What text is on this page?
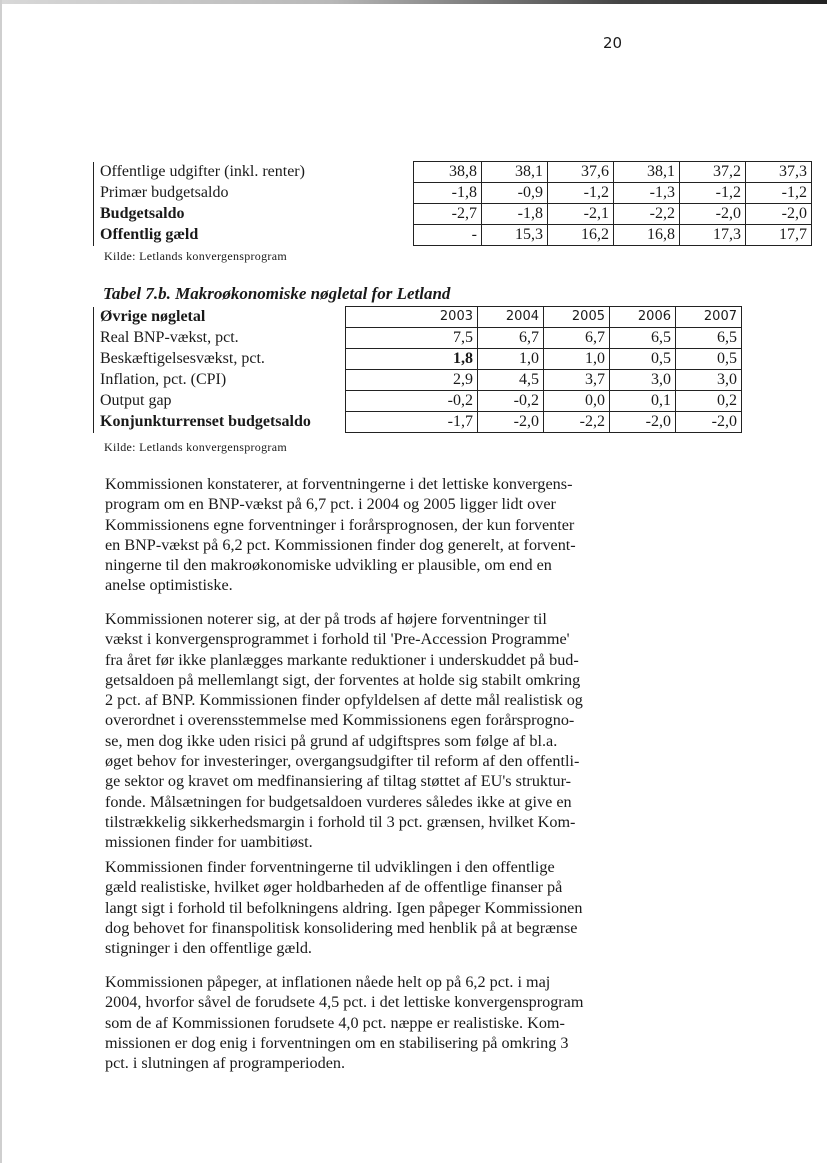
20
Offentlige udgifter (inkl. renter)		38,8	38,1	37,6	38,1	37,2	37,3
Primær budgetsaldo		-1,8	-0,9	-1,2	-1,3	-1,2	-1,2
Budgetsaldo		-2,7	-1,8	-2,1	-2,2	-2,0	-2,0
Offentlig gæld		-	15,3	16,2	16,8	17,3	17,7
Kilde: Letlands konvergensprogram
Tabel 7.b. Makroøkonomiske nøgletal for Letland
Øvrige nøgletal	2003	2004	2005	2006	2007
Real BNP-vækst, pct.	7,5	6,7	6,7	6,5	6,5
Beskæftigelsesvækst, pct.	1,8	1,0	1,0	0,5	0,5
Inflation, pct. (CPI)	2,9	4,5	3,7	3,0	3,0
Output gap	-0,2	-0,2	0,0	0,1	0,2
Konjunkturrenset budgetsaldo	-1,7	-2,0	-2,2	-2,0	-2,0
Kilde: Letlands konvergensprogram

Kommissionen konstaterer, at forventningerne i det lettiske konvergens-
program om en BNP-vækst på 6,7 pct. i 2004 og 2005 ligger lidt over
Kommissionens egne forventninger i forårsprognosen, der kun forventer
en BNP-vækst på 6,2 pct. Kommissionen finder dog generelt, at forvent-
ningerne til den makroøkonomiske udvikling er plausible, om end en
anelse optimistiske.

Kommissionen noterer sig, at der på trods af højere forventninger til
vækst i konvergensprogrammet i forhold til 'Pre-Accession Programme'
fra året før ikke planlægges markante reduktioner i underskuddet på bud-
getsaldoen på mellemlangt sigt, der forventes at holde sig stabilt omkring
2 pct. af BNP. Kommissionen finder opfyldelsen af dette mål realistisk og
overordnet i overensstemmelse med Kommissionens egen forårsprogno-
se, men dog ikke uden risici på grund af udgiftspres som følge af bl.a.
øget behov for investeringer, overgangsudgifter til reform af den offentli-
ge sektor og kravet om medfinansiering af tiltag støttet af EU's struktur-
fonde. Målsætningen for budgetsaldoen vurderes således ikke at give en
tilstrækkelig sikkerhedsmargin i forhold til 3 pct. grænsen, hvilket Kom-
missionen finder for uambitiøst.

Kommissionen finder forventningerne til udviklingen i den offentlige
gæld realistiske, hvilket øger holdbarheden af de offentlige finanser på
langt sigt i forhold til befolkningens aldring. Igen påpeger Kommissionen
dog behovet for finanspolitisk konsolidering med henblik på at begrænse
stigninger i den offentlige gæld.

Kommissionen påpeger, at inflationen nåede helt op på 6,2 pct. i maj
2004, hvorfor såvel de forudsete 4,5 pct. i det lettiske konvergensprogram
som de af Kommissionen forudsete 4,0 pct. næppe er realistiske. Kom-
missionen er dog enig i forventningen om en stabilisering på omkring 3
pct. i slutningen af programperioden.
